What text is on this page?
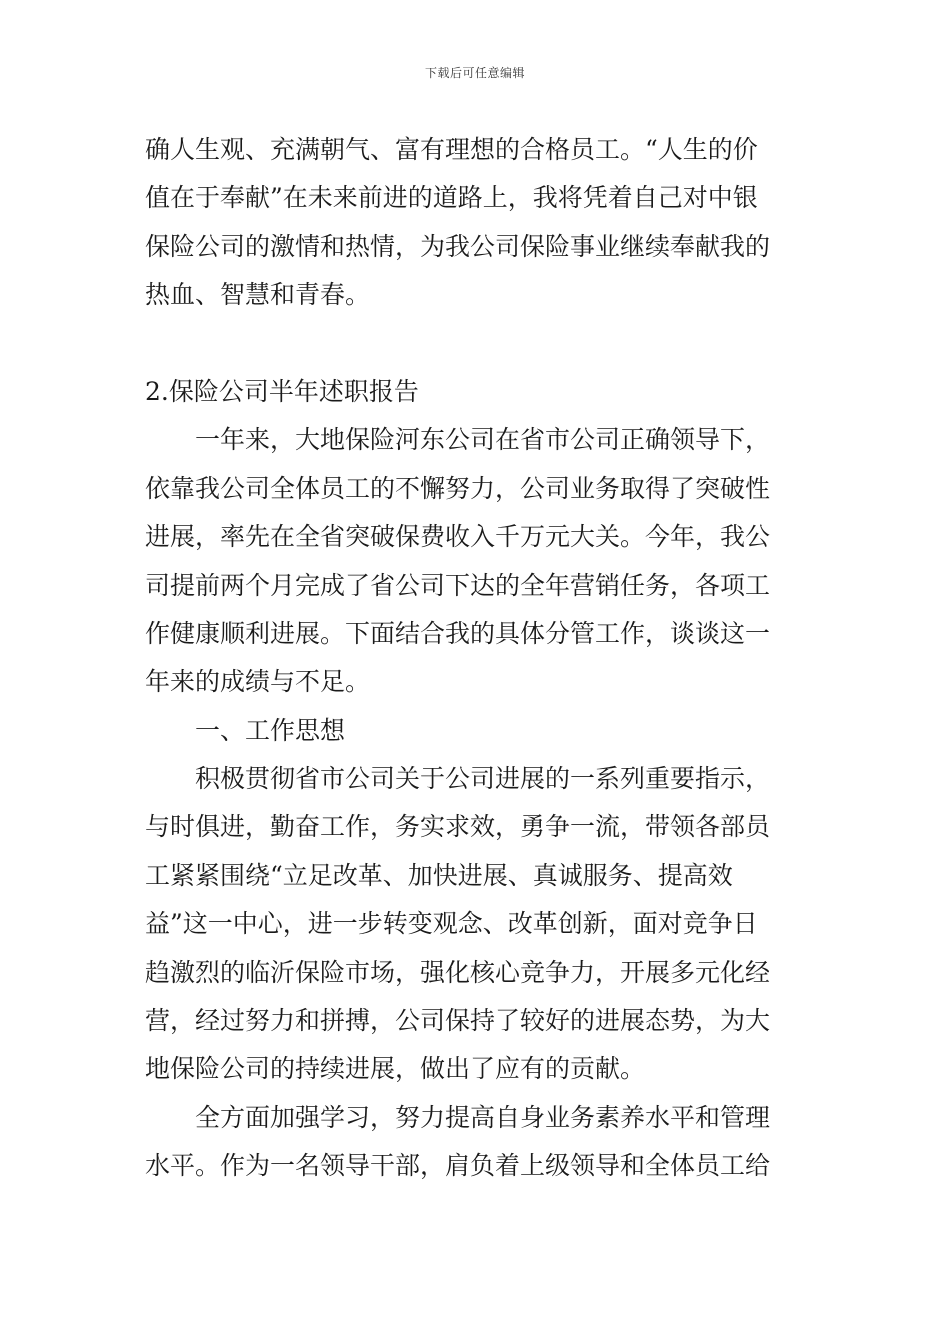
下载后可任意编辑
确人生观、充满朝气、富有理想的合格员工。“人生的价
值在于奉献”在未来前进的道路上，我将凭着自己对中银
保险公司的激情和热情，为我公司保险事业继续奉献我的
热血、智慧和青春。
2.保险公司半年述职报告
一年来，大地保险河东公司在省市公司正确领导下，
依靠我公司全体员工的不懈努力，公司业务取得了突破性
进展，率先在全省突破保费收入千万元大关。今年，我公
司提前两个月完成了省公司下达的全年营销任务，各项工
作健康顺利进展。下面结合我的具体分管工作，谈谈这一
年来的成绩与不足。
一、工作思想
积极贯彻省市公司关于公司进展的一系列重要指示，
与时俱进，勤奋工作，务实求效，勇争一流，带领各部员
工紧紧围绕“立足改革、加快进展、真诚服务、提高效
益”这一中心，进一步转变观念、改革创新，面对竞争日
趋激烈的临沂保险市场，强化核心竞争力，开展多元化经
营，经过努力和拼搏，公司保持了较好的进展态势，为大
地保险公司的持续进展，做出了应有的贡献。
全方面加强学习，努力提高自身业务素养水平和管理
水平。作为一名领导干部，肩负着上级领导和全体员工给
